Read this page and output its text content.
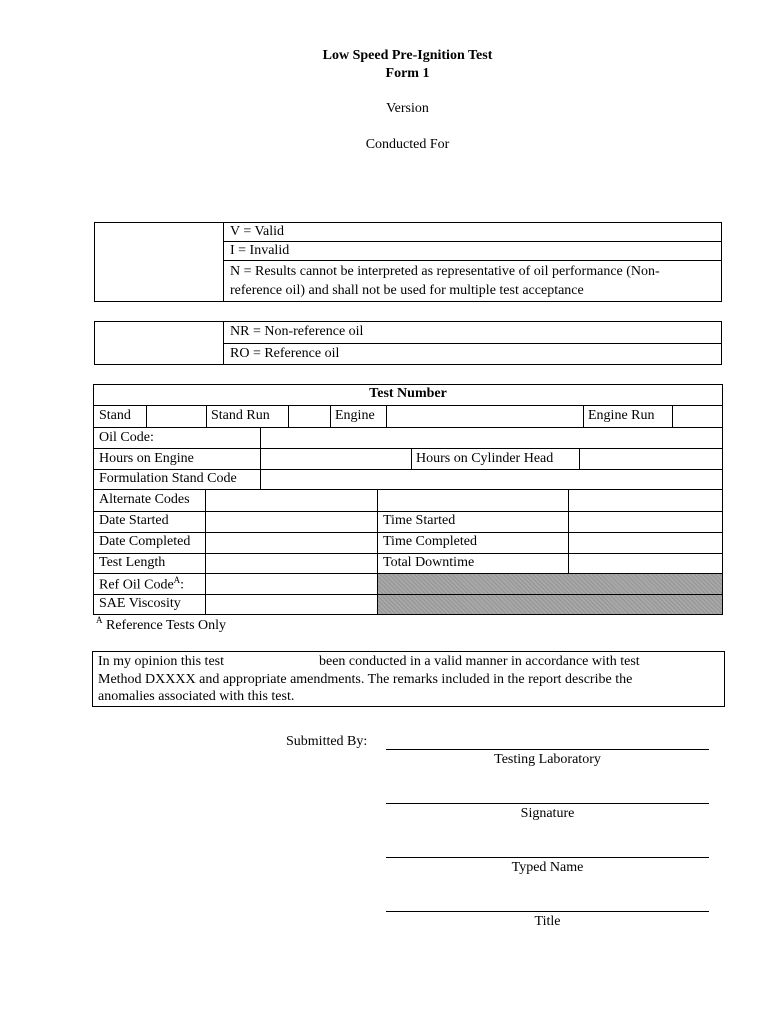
Low Speed Pre-Ignition Test
Form 1
Version
Conducted For
V = Valid
I = Invalid
N = Results cannot be interpreted as representative of oil performance (Non-
reference oil) and shall not be used for multiple test acceptance
NR = Non-reference oil
RO = Reference oil
Test Number
Stand	Stand Run	Engine	Engine Run
Oil Code:
Hours on Engine	Hours on Cylinder Head
Formulation Stand Code
Alternate Codes
Date Started	Time Started
Date Completed	Time Completed
Test Length	Total Downtime
Ref Oil Code$^A$:
SAE Viscosity
$^A$ Reference Tests Only
In my opinion this test	been conducted in a valid manner in accordance with test
Method DXXXX and appropriate amendments. The remarks included in the report describe the
anomalies associated with this test.
Submitted By:
Testing Laboratory
Signature
Typed Name
Title
